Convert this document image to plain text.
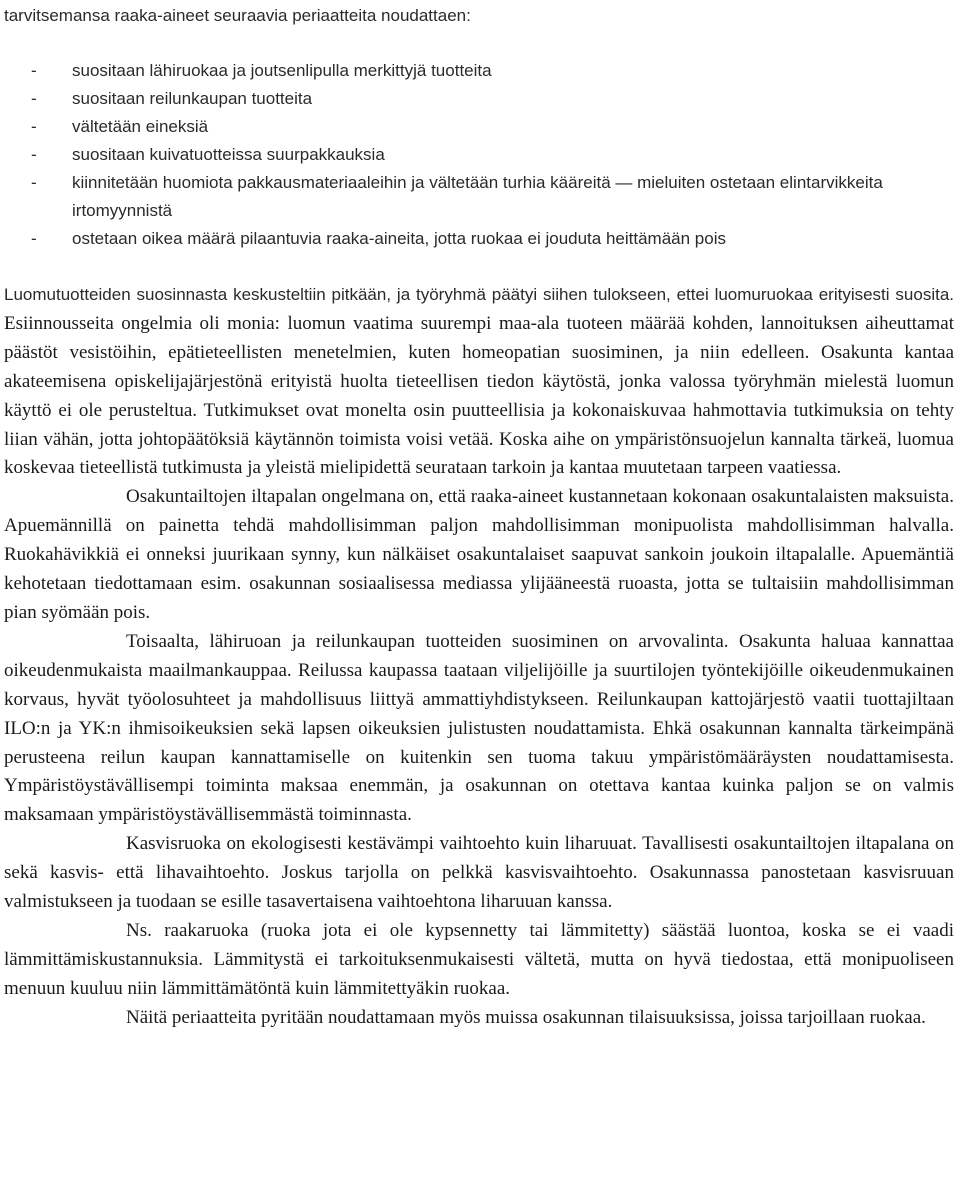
tarvitsemansa raaka-aineet seuraavia periaatteita noudattaen:
- suositaan lähiruokaa ja joutsenlipulla merkittyjä tuotteita
- suositaan reilunkaupan tuotteita
- vältetään eineksiä
- suositaan kuivatuotteissa suurpakkauksia
- kiinnitetään huomiota pakkausmateriaaleihin ja vältetään turhia kääreitä — mieluiten ostetaan elintarvikkeita irtomyynnistä
- ostetaan oikea määrä pilaantuvia raaka-aineita, jotta ruokaa ei jouduta heittämään pois

Luomutuotteiden suosinnasta keskusteltiin pitkään, ja työryhmä päätyi siihen tulokseen, ettei luomuruokaa erityisesti suosita. Esiinnousseita ongelmia oli monia: luomun vaatima suurempi maa-ala tuoteen määrää kohden, lannoituksen aiheuttamat päästöt vesistöihin, epätieteellisten menetelmien, kuten homeopatian suosiminen, ja niin edelleen. Osakunta kantaa akateemisena opiskelijajärjestönä erityistä huolta tieteellisen tiedon käytöstä, jonka valossa työryhmän mielestä luomun käyttö ei ole perusteltua. Tutkimukset ovat monelta osin puutteellisia ja kokonaiskuvaa hahmottavia tutkimuksia on tehty liian vähän, jotta johtopäätöksiä käytännön toimista voisi vetää. Koska aihe on ympäristönsuojelun kannalta tärkeä, luomua koskevaa tieteellistä tutkimusta ja yleistä mielipidettä seurataan tarkoin ja kantaa muutetaan tarpeen vaatiessa.

Osakuntailtojen iltapalan ongelmana on, että raaka-aineet kustannetaan kokonaan osakuntalaisten maksuista. Apuemännillä on painetta tehdä mahdollisimman paljon mahdollisimman monipuolista mahdollisimman halvalla. Ruokahävikkiä ei onneksi juurikaan synny, kun nälkäiset osakuntalaiset saapuvat sankoin joukoin iltapalalle. Apuemäntiä kehotetaan tiedottamaan esim. osakunnan sosiaalisessa mediassa ylijääneestä ruoasta, jotta se tultaisiin mahdollisimman pian syömään pois.

Toisaalta, lähiruoan ja reilunkaupan tuotteiden suosiminen on arvovalinta. Osakunta haluaa kannattaa oikeudenmukaista maailmankauppaa. Reilussa kaupassa taataan viljelijöille ja suurtilojen työntekijöille oikeudenmukainen korvaus, hyvät työolosuhteet ja mahdollisuus liittyä ammattiyhdistykseen. Reilunkaupan kattojärjestö vaatii tuottajiltaan ILO:n ja YK:n ihmisoikeuksien sekä lapsen oikeuksien julistusten noudattamista. Ehkä osakunnan kannalta tärkeimpänä perusteena reilun kaupan kannattamiselle on kuitenkin sen tuoma takuu ympäristömääräysten noudattamisesta. Ympäristöystävällisempi toiminta maksaa enemmän, ja osakunnan on otettava kantaa kuinka paljon se on valmis maksamaan ympäristöystävällisemmästä toiminnasta.

Kasvisruoka on ekologisesti kestävämpi vaihtoehto kuin liharuuat. Tavallisesti osakuntailtojen iltapalana on sekä kasvis- että lihavaihtoehto. Joskus tarjolla on pelkkä kasvisvaihtoehto. Osakunnassa panostetaan kasvisruuan valmistukseen ja tuodaan se esille tasavertaisena vaihtoehtona liharuuan kanssa.

Ns. raakaruoka (ruoka jota ei ole kypsennetty tai lämmitetty) säästää luontoa, koska se ei vaadi lämmittämiskustannuksia. Lämmitystä ei tarkoituksenmukaisesti vältetä, mutta on hyvä tiedostaa, että monipuoliseen menuun kuuluu niin lämmittämätöntä kuin lämmitettyäkin ruokaa.

Näitä periaatteita pyritään noudattamaan myös muissa osakunnan tilaisuuksissa, joissa tarjoillaan ruokaa.
